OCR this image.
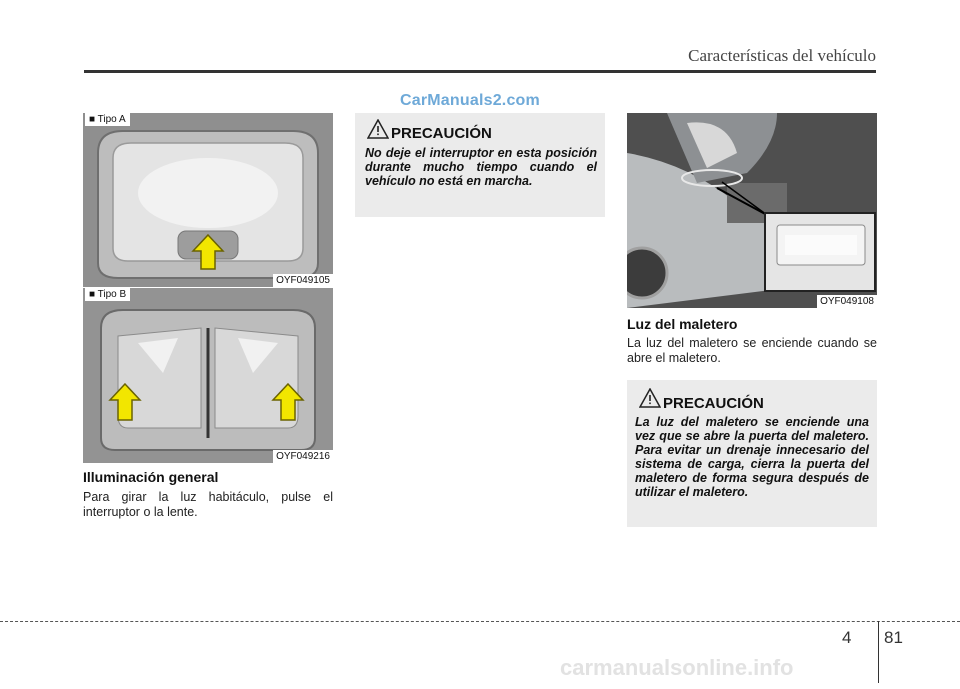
Características del vehículo
CarManuals2.com
■ Tipo A
OYF049105
■ Tipo B
OYF049216
Illuminación general
Para girar la luz habitáculo, pulse el interruptor o la lente.
PRECAUCIÓN
No deje el interruptor en esta posición durante mucho tiempo cuando el vehículo no está en marcha.
OYF049108
Luz del maletero
La luz del maletero se enciende cuando se abre el maletero.
PRECAUCIÓN
La luz del maletero se enciende una vez que se abre la puerta del maletero. Para evitar un drenaje innecesario del sistema de carga, cierra la puerta del maletero de forma segura después de utilizar el maletero.
4 81
carmanualsonline.info
